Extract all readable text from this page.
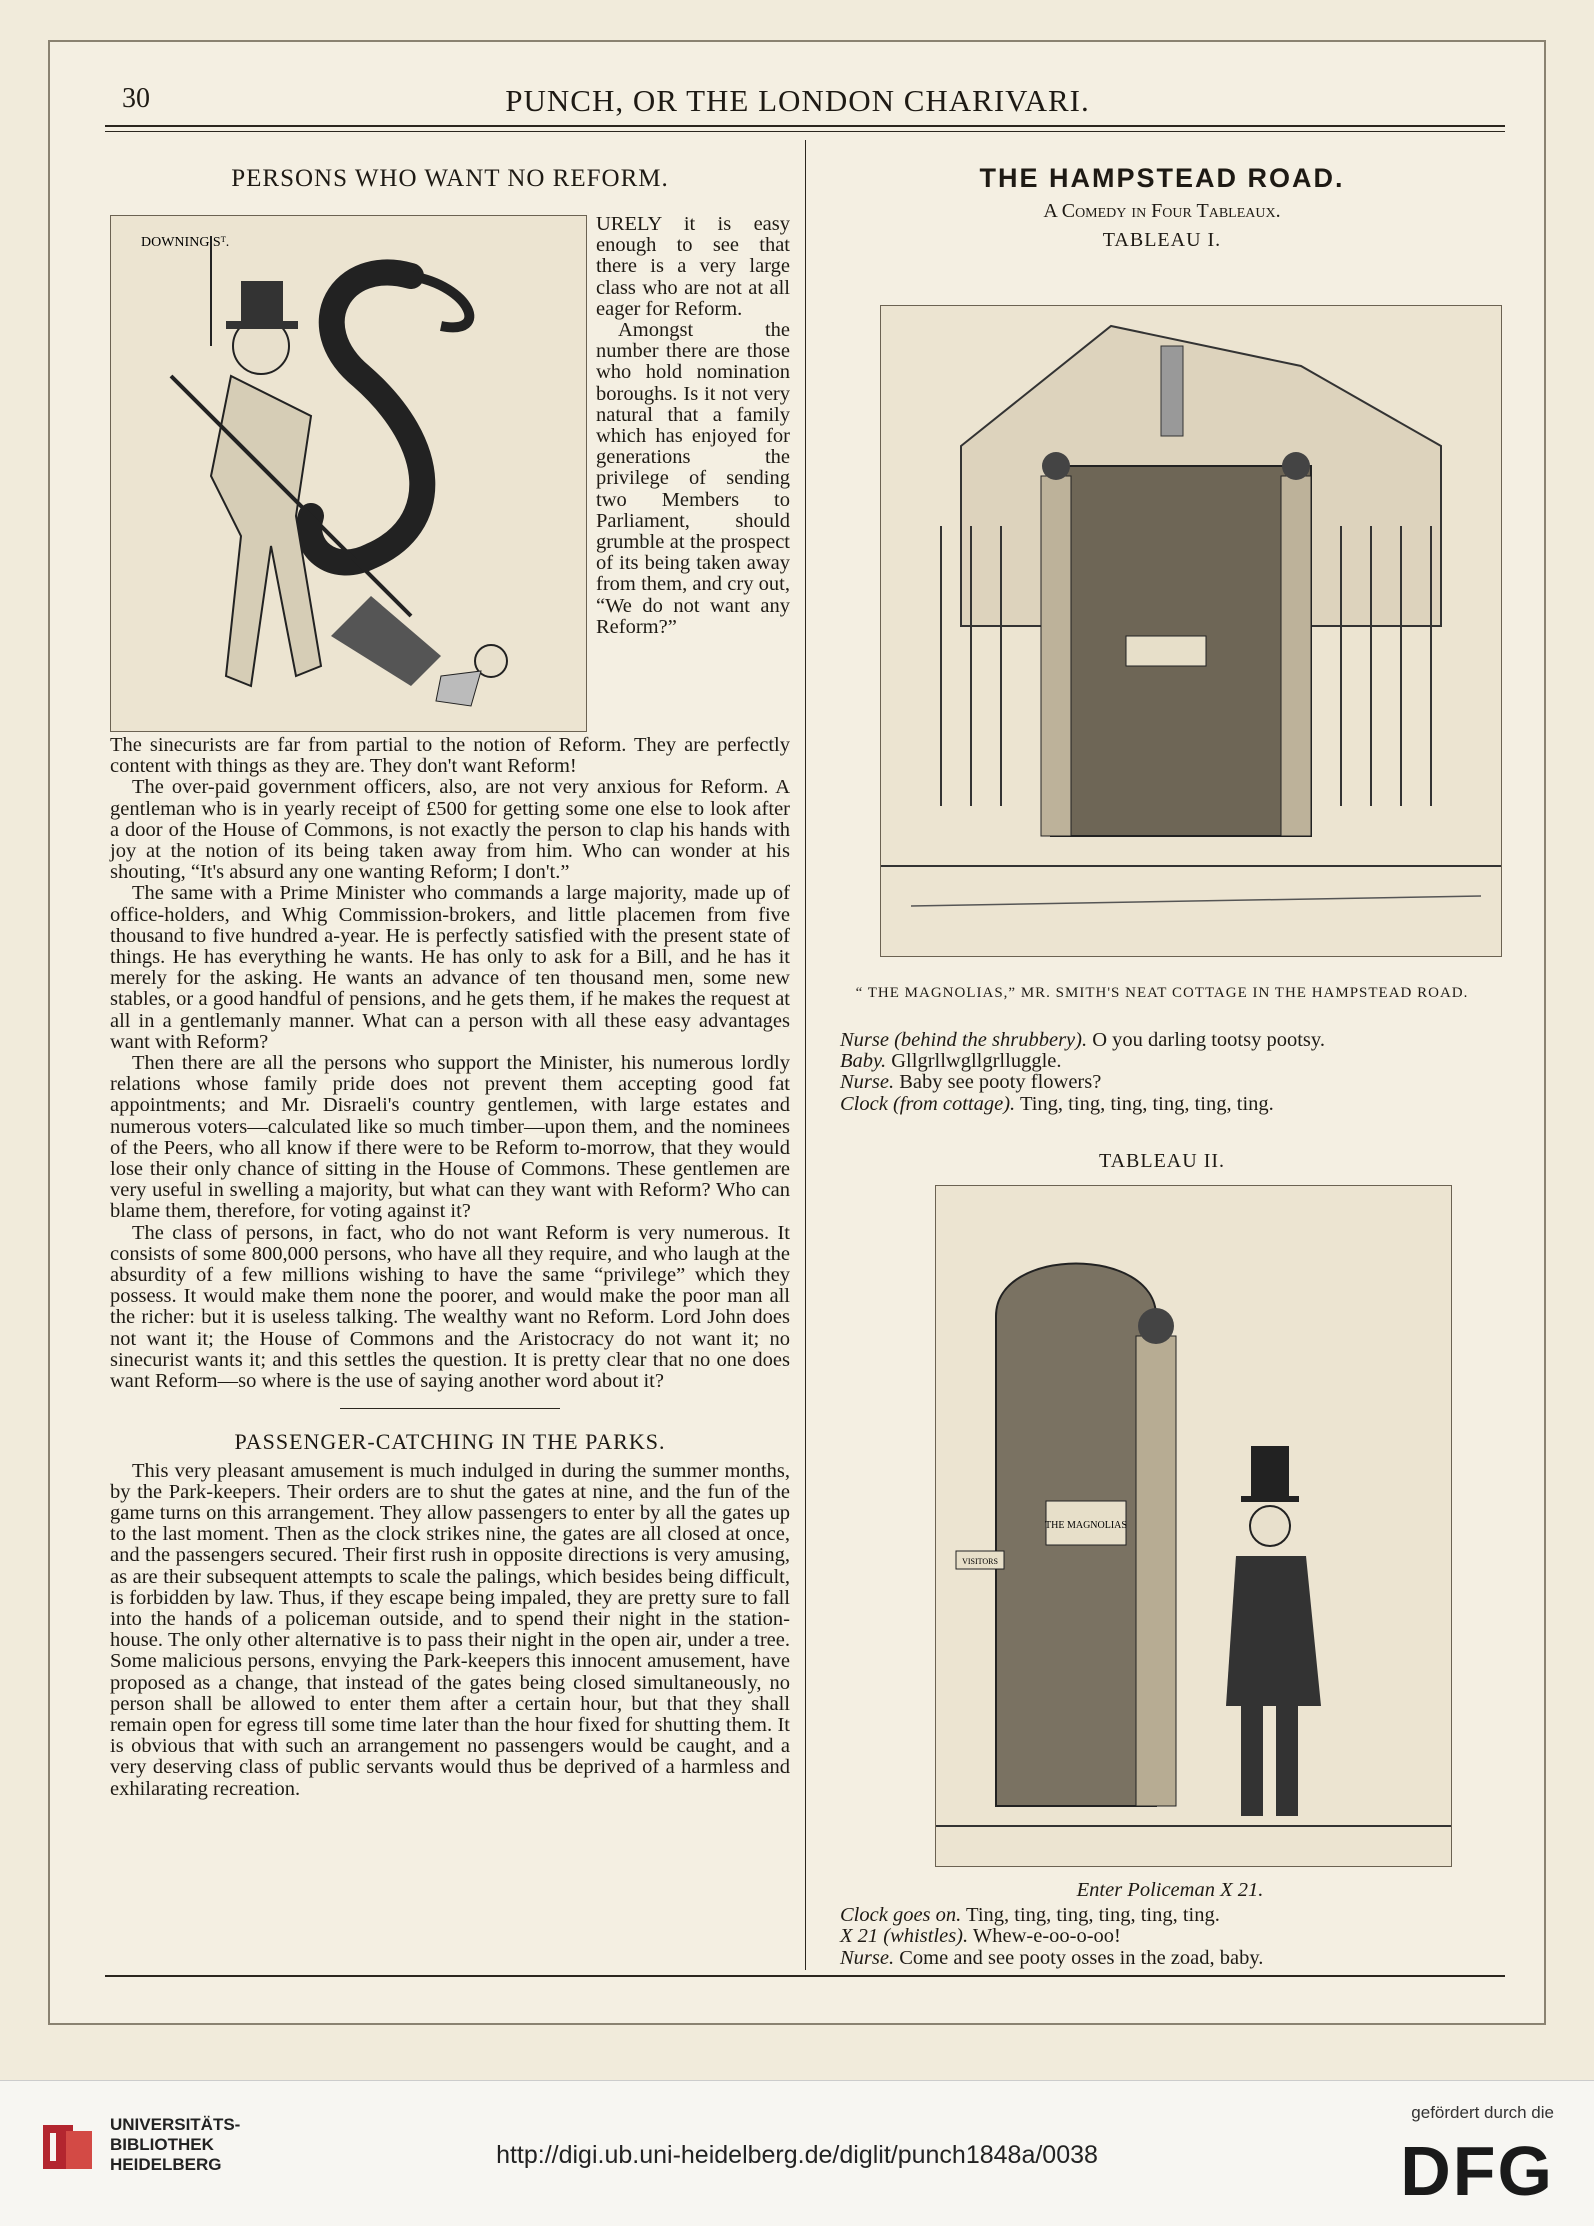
30	PUNCH, OR THE LONDON CHARIVARI.
PERSONS WHO WANT NO REFORM.
DOWNING Sᵀ.

URELY it is easy enough to see that there is a very large class who are not at all eager for Reform.

Amongst the number there are those who hold nomination boroughs. Is it not very natural that a family which has enjoyed for generations the privilege of sending two Members to Parliament, should grumble at the prospect of its being taken away from them, and cry out, “We do not want any Reform?”

The sinecurists are far from partial to the notion of Reform. They are perfectly content with things as they are. They don't want Reform!

The over-paid government officers, also, are not very anxious for Reform. A gentleman who is in yearly receipt of £500 for getting some one else to look after a door of the House of Commons, is not exactly the person to clap his hands with joy at the notion of its being taken away from him. Who can wonder at his shouting, “It's absurd any one wanting Reform; I don't.”

The same with a Prime Minister who commands a large majority, made up of office-holders, and Whig Commission-brokers, and little placemen from five thousand to five hundred a-year. He is perfectly satisfied with the present state of things. He has everything he wants. He has only to ask for a Bill, and he has it merely for the asking. He wants an advance of ten thousand men, some new stables, or a good handful of pensions, and he gets them, if he makes the request at all in a gentlemanly manner. What can a person with all these easy advantages want with Reform?

Then there are all the persons who support the Minister, his numerous lordly relations whose family pride does not prevent them accepting good fat appointments; and Mr. Disraeli's country gentlemen, with large estates and numerous voters—calculated like so much timber—upon them, and the nominees of the Peers, who all know if there were to be Reform to-morrow, that they would lose their only chance of sitting in the House of Commons. These gentlemen are very useful in swelling a majority, but what can they want with Reform? Who can blame them, therefore, for voting against it?

The class of persons, in fact, who do not want Reform is very numerous. It consists of some 800,000 persons, who have all they require, and who laugh at the absurdity of a few millions wishing to have the same “privilege” which they possess. It would make them none the poorer, and would make the poor man all the richer: but it is useless talking. The wealthy want no Reform. Lord John does not want it; the House of Commons and the Aristocracy do not want it; no sinecurist wants it; and this settles the question. It is pretty clear that no one does want Reform—so where is the use of saying another word about it?

PASSENGER-CATCHING IN THE PARKS.

This very pleasant amusement is much indulged in during the summer months, by the Park-keepers. Their orders are to shut the gates at nine, and the fun of the game turns on this arrangement. They allow passengers to enter by all the gates up to the last moment. Then as the clock strikes nine, the gates are all closed at once, and the passengers secured. Their first rush in opposite directions is very amusing, as are their subsequent attempts to scale the palings, which besides being difficult, is forbidden by law. Thus, if they escape being impaled, they are pretty sure to fall into the hands of a policeman outside, and to spend their night in the station-house. The only other alternative is to pass their night in the open air, under a tree. Some malicious persons, envying the Park-keepers this innocent amusement, have proposed as a change, that instead of the gates being closed simultaneously, no person shall be allowed to enter them after a certain hour, but that they shall remain open for egress till some time later than the hour fixed for shutting them. It is obvious that with such an arrangement no passengers would be caught, and a very deserving class of public servants would thus be deprived of a harmless and exhilarating recreation.

THE HAMPSTEAD ROAD.
A Comedy in Four Tableaux.
TABLEAU I.
“ THE MAGNOLIAS,” MR. SMITH'S NEAT COTTAGE IN THE HAMPSTEAD ROAD.

Nurse (behind the shrubbery). O you darling tootsy pootsy.

Baby. Gllgrllwgllgrlluggle.

Nurse. Baby see pooty flowers?

Clock (from cottage). Ting, ting, ting, ting, ting, ting.

TABLEAU II.
THE MAGNOLIAS
VISITORS

Enter Policeman X 21.

Clock goes on. Ting, ting, ting, ting, ting, ting.

X 21 (whistles). Whew-e-oo-o-oo!

Nurse. Come and see pooty osses in the zoad, baby.

UNIVERSITÄTS-
BIBLIOTHEK
HEIDELBERG	http://digi.ub.uni-heidelberg.de/diglit/punch1848a/0038
gefördert durch die
DFG
